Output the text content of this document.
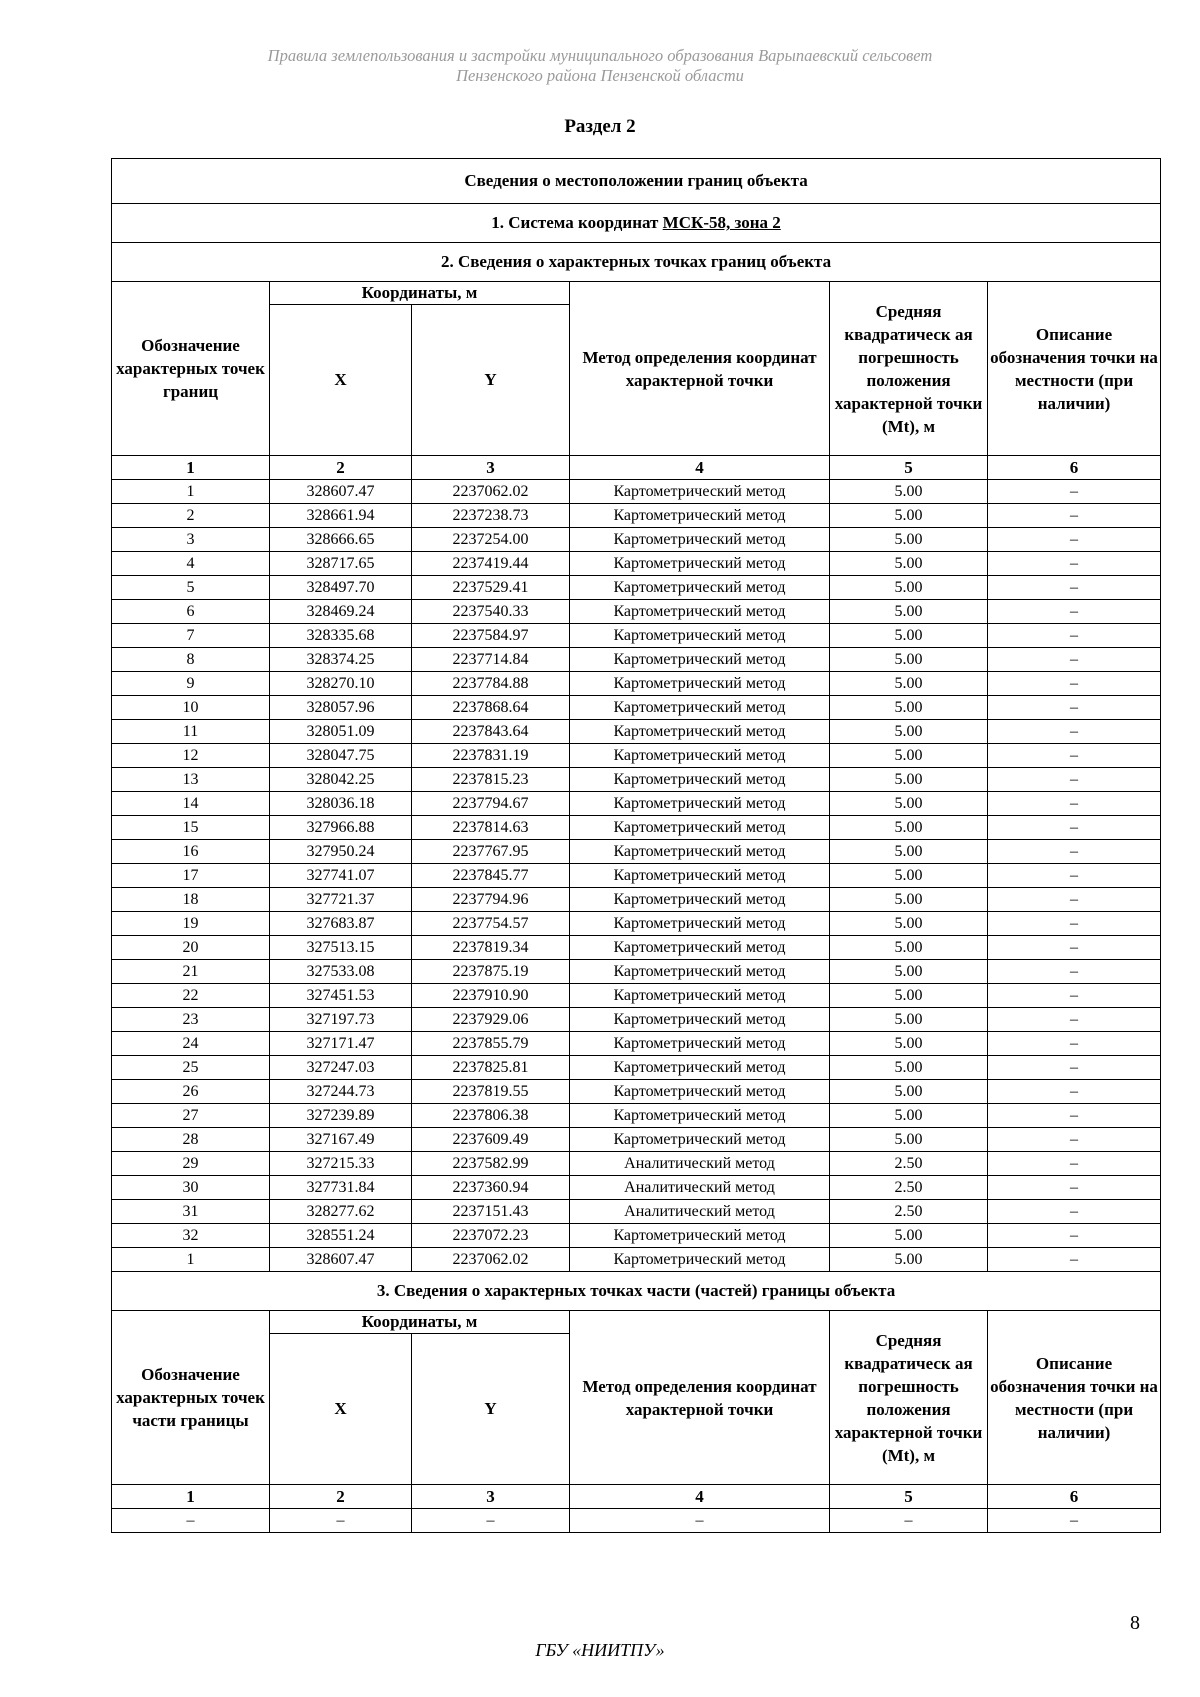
Правила землепользования и застройки муниципального образования Варыпаевский сельсовет
Пензенского района Пензенской области
Раздел 2
Сведения о местоположении границ объекта					
1. Система координат МСК-58, зона 2					
2. Сведения о характерных точках границ объекта					
Обозначение характерных точек границ	Координаты, м		Метод определения координат характерной точки	Средняя квадратическ ая погрешность положения характерной точки (Mt), м	Описание обозначения точки на местности (при наличии)
	X	Y			
1	2	3	4	5	6
1	328607.47	2237062.02	Картометрический метод	5.00	–
2	328661.94	2237238.73	Картометрический метод	5.00	–
3	328666.65	2237254.00	Картометрический метод	5.00	–
4	328717.65	2237419.44	Картометрический метод	5.00	–
5	328497.70	2237529.41	Картометрический метод	5.00	–
6	328469.24	2237540.33	Картометрический метод	5.00	–
7	328335.68	2237584.97	Картометрический метод	5.00	–
8	328374.25	2237714.84	Картометрический метод	5.00	–
9	328270.10	2237784.88	Картометрический метод	5.00	–
10	328057.96	2237868.64	Картометрический метод	5.00	–
11	328051.09	2237843.64	Картометрический метод	5.00	–
12	328047.75	2237831.19	Картометрический метод	5.00	–
13	328042.25	2237815.23	Картометрический метод	5.00	–
14	328036.18	2237794.67	Картометрический метод	5.00	–
15	327966.88	2237814.63	Картометрический метод	5.00	–
16	327950.24	2237767.95	Картометрический метод	5.00	–
17	327741.07	2237845.77	Картометрический метод	5.00	–
18	327721.37	2237794.96	Картометрический метод	5.00	–
19	327683.87	2237754.57	Картометрический метод	5.00	–
20	327513.15	2237819.34	Картометрический метод	5.00	–
21	327533.08	2237875.19	Картометрический метод	5.00	–
22	327451.53	2237910.90	Картометрический метод	5.00	–
23	327197.73	2237929.06	Картометрический метод	5.00	–
24	327171.47	2237855.79	Картометрический метод	5.00	–
25	327247.03	2237825.81	Картометрический метод	5.00	–
26	327244.73	2237819.55	Картометрический метод	5.00	–
27	327239.89	2237806.38	Картометрический метод	5.00	–
28	327167.49	2237609.49	Картометрический метод	5.00	–
29	327215.33	2237582.99	Аналитический метод	2.50	–
30	327731.84	2237360.94	Аналитический метод	2.50	–
31	328277.62	2237151.43	Аналитический метод	2.50	–
32	328551.24	2237072.23	Картометрический метод	5.00	–
1	328607.47	2237062.02	Картометрический метод	5.00	–
3. Сведения о характерных точках части (частей) границы объекта					
Обозначение характерных точек части границы	Координаты, м		Метод определения координат характерной точки	Средняя квадратическ ая погрешность положения характерной точки (Mt), м	Описание обозначения точки на местности (при наличии)
	X	Y			
1	2	3	4	5	6
–	–	–	–	–	–
8
ГБУ «НИИТПУ»
